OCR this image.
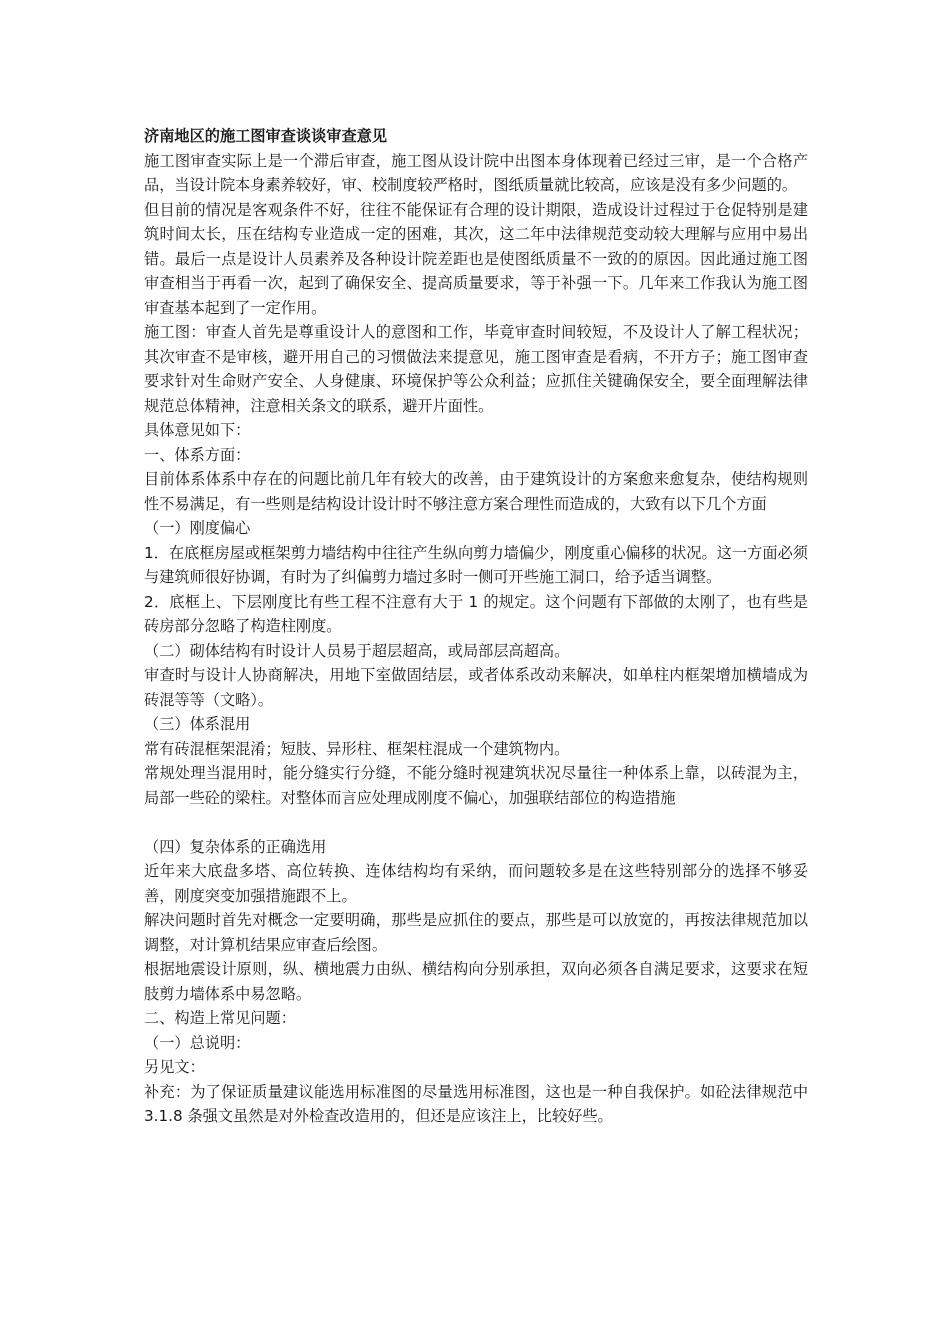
济南地区的施工图审查谈谈审查意见

施工图审查实际上是一个滞后审查，施工图从设计院中出图本身体现着已经过三审，是一个合格产品，当设计院本身素养较好，审、校制度较严格时，图纸质量就比较高，应该是没有多少问题的。

但目前的情况是客观条件不好，往往不能保证有合理的设计期限，造成设计过程过于仓促特别是建筑时间太长，压在结构专业造成一定的困难，其次，这二年中法律规范变动较大理解与应用中易出错。最后一点是设计人员素养及各种设计院差距也是使图纸质量不一致的的原因。因此通过施工图审查相当于再看一次，起到了确保安全、提高质量要求，等于补强一下。几年来工作我认为施工图审查基本起到了一定作用。

施工图：审查人首先是尊重设计人的意图和工作，毕竟审查时间较短，不及设计人了解工程状况；其次审查不是审核，避开用自己的习惯做法来提意见，施工图审查是看病，不开方子；施工图审查要求针对生命财产安全、人身健康、环境保护等公众利益；应抓住关键确保安全，要全面理解法律规范总体精神，注意相关条文的联系，避开片面性。

具体意见如下：

一、体系方面：

目前体系体系中存在的问题比前几年有较大的改善，由于建筑设计的方案愈来愈复杂，使结构规则性不易满足，有一些则是结构设计设计时不够注意方案合理性而造成的，大致有以下几个方面

（一）刚度偏心

1．在底框房屋或框架剪力墙结构中往往产生纵向剪力墙偏少，刚度重心偏移的状况。这一方面必须与建筑师很好协调，有时为了纠偏剪力墙过多时一侧可开些施工洞口，给予适当调整。

2．底框上、下层刚度比有些工程不注意有大于 1 的规定。这个问题有下部做的太刚了，也有些是砖房部分忽略了构造柱刚度。

（二）砌体结构有时设计人员易于超层超高，或局部层高超高。

审查时与设计人协商解决，用地下室做固结层，或者体系改动来解决，如单柱内框架增加横墙成为砖混等等（文略）。

（三）体系混用

常有砖混框架混淆；短肢、异形柱、框架柱混成一个建筑物内。

常规处理当混用时，能分缝实行分缝，不能分缝时视建筑状况尽量往一种体系上靠，以砖混为主，局部一些砼的梁柱。对整体而言应处理成刚度不偏心，加强联结部位的构造措施

（四）复杂体系的正确选用

近年来大底盘多塔、高位转换、连体结构均有采纳，而问题较多是在这些特别部分的选择不够妥善，刚度突变加强措施跟不上。

解决问题时首先对概念一定要明确，那些是应抓住的要点，那些是可以放宽的，再按法律规范加以调整，对计算机结果应审查后绘图。

根据地震设计原则，纵、横地震力由纵、横结构向分别承担，双向必须各自满足要求，这要求在短肢剪力墙体系中易忽略。

二、构造上常见问题：

（一）总说明：

另见文：

补充：为了保证质量建议能选用标准图的尽量选用标准图，这也是一种自我保护。如砼法律规范中 3.1.8 条强文虽然是对外检查改造用的，但还是应该注上，比较好些。
